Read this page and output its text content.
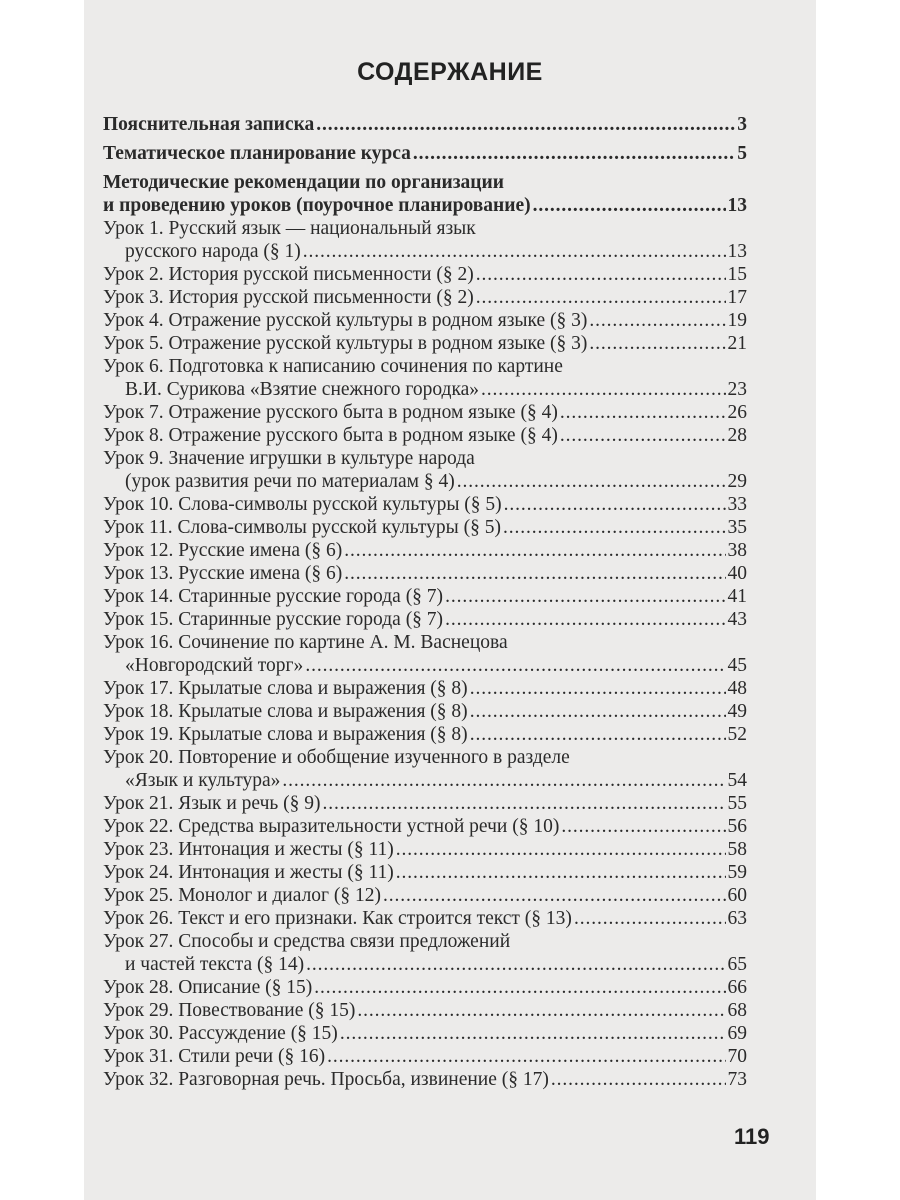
СОДЕРЖАНИЕ
Пояснительная записка . . .	3
Тематическое планирование курса . . .	5
Методические рекомендации по организации
и проведению уроков (поурочное планирование) . . .	13
Урок 1. Русский язык — национальный язык
русского народа (§ 1) . . .	13
Урок 2. История русской письменности (§ 2) . . .	15
Урок 3. История русской письменности (§ 2) . . .	17
Урок 4. Отражение русской культуры в родном языке (§ 3) . . .	19
Урок 5. Отражение русской культуры в родном языке (§ 3) . . .	21
Урок 6. Подготовка к написанию сочинения по картине
В.И. Сурикова «Взятие снежного городка» . . .	23
Урок 7. Отражение русского быта в родном языке (§ 4) . . .	26
Урок 8. Отражение русского быта в родном языке (§ 4) . . .	28
Урок 9. Значение игрушки в культуре народа
(урок развития речи по материалам § 4) . . .	29
Урок 10. Слова-символы русской культуры (§ 5) . . .	33
Урок 11. Слова-символы русской культуры (§ 5) . . .	35
Урок 12. Русские имена (§ 6) . . .	38
Урок 13. Русские имена (§ 6) . . .	40
Урок 14. Старинные русские города (§ 7) . . .	41
Урок 15. Старинные русские города (§ 7) . . .	43
Урок 16. Сочинение по картине А. М. Васнецова
«Новгородский торг» . . .	45
Урок 17. Крылатые слова и выражения (§ 8) . . .	48
Урок 18. Крылатые слова и выражения (§ 8) . . .	49
Урок 19. Крылатые слова и выражения (§ 8) . . .	52
Урок 20. Повторение и обобщение изученного в разделе
«Язык и культура» . . .	54
Урок 21. Язык и речь (§ 9) . . .	55
Урок 22. Средства выразительности устной речи (§ 10) . . .	56
Урок 23. Интонация и жесты (§ 11) . . .	58
Урок 24. Интонация и жесты (§ 11) . . .	59
Урок 25. Монолог и диалог (§ 12) . . .	60
Урок 26. Текст и его признаки. Как строится текст (§ 13) . . .	63
Урок 27. Способы и средства связи предложений
и частей текста (§ 14) . . .	65
Урок 28. Описание (§ 15) . . .	66
Урок 29. Повествование (§ 15) . . .	68
Урок 30. Рассуждение (§ 15) . . .	69
Урок 31. Стили речи (§ 16) . . .	70
Урок 32. Разговорная речь. Просьба, извинение (§ 17) . . .	73
119
